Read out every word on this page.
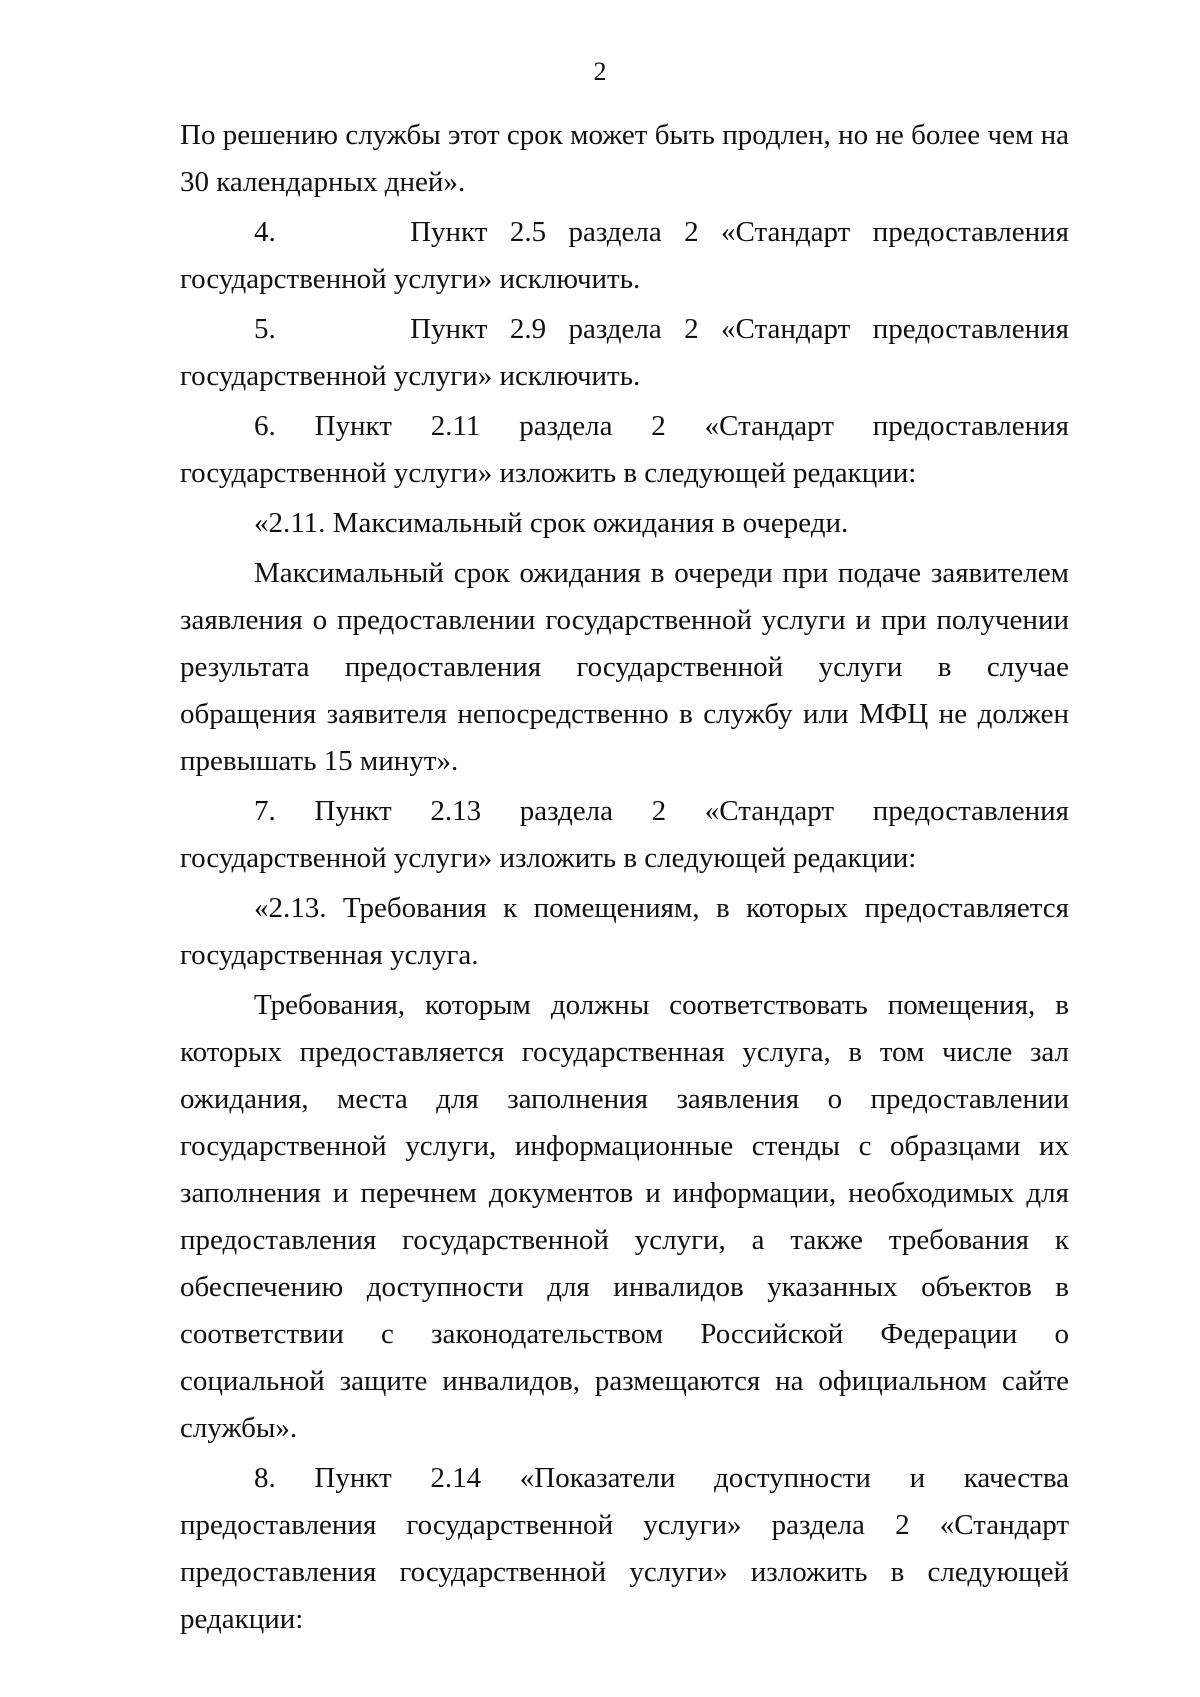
2

По решению службы этот срок может быть продлен, но не более чем на 30 календарных дней».

4.      Пункт 2.5 раздела 2 «Стандарт предоставления государственной услуги» исключить.

5.      Пункт 2.9 раздела 2 «Стандарт предоставления государственной услуги» исключить.

6. Пункт 2.11 раздела 2 «Стандарт предоставления государственной услуги» изложить в следующей редакции:

«2.11. Максимальный срок ожидания в очереди.

Максимальный срок ожидания в очереди при подаче заявителем заявления о предоставлении государственной услуги и при получении результата предоставления государственной услуги в случае обращения заявителя непосредственно в службу или МФЦ не должен превышать 15 минут».

7. Пункт 2.13 раздела 2 «Стандарт предоставления государственной услуги» изложить в следующей редакции:

«2.13. Требования к помещениям, в которых предоставляется государственная услуга.

Требования, которым должны соответствовать помещения, в которых предоставляется государственная услуга, в том числе зал ожидания, места для заполнения заявления о предоставлении государственной услуги, информационные стенды с образцами их заполнения и перечнем документов и информации, необходимых для предоставления государственной услуги, а также требования к обеспечению доступности для инвалидов указанных объектов в соответствии с законодательством Российской Федерации о социальной защите инвалидов, размещаются на официальном сайте службы».

8. Пункт 2.14 «Показатели доступности и качества предоставления государственной услуги» раздела 2 «Стандарт предоставления государственной услуги» изложить в следующей редакции:
